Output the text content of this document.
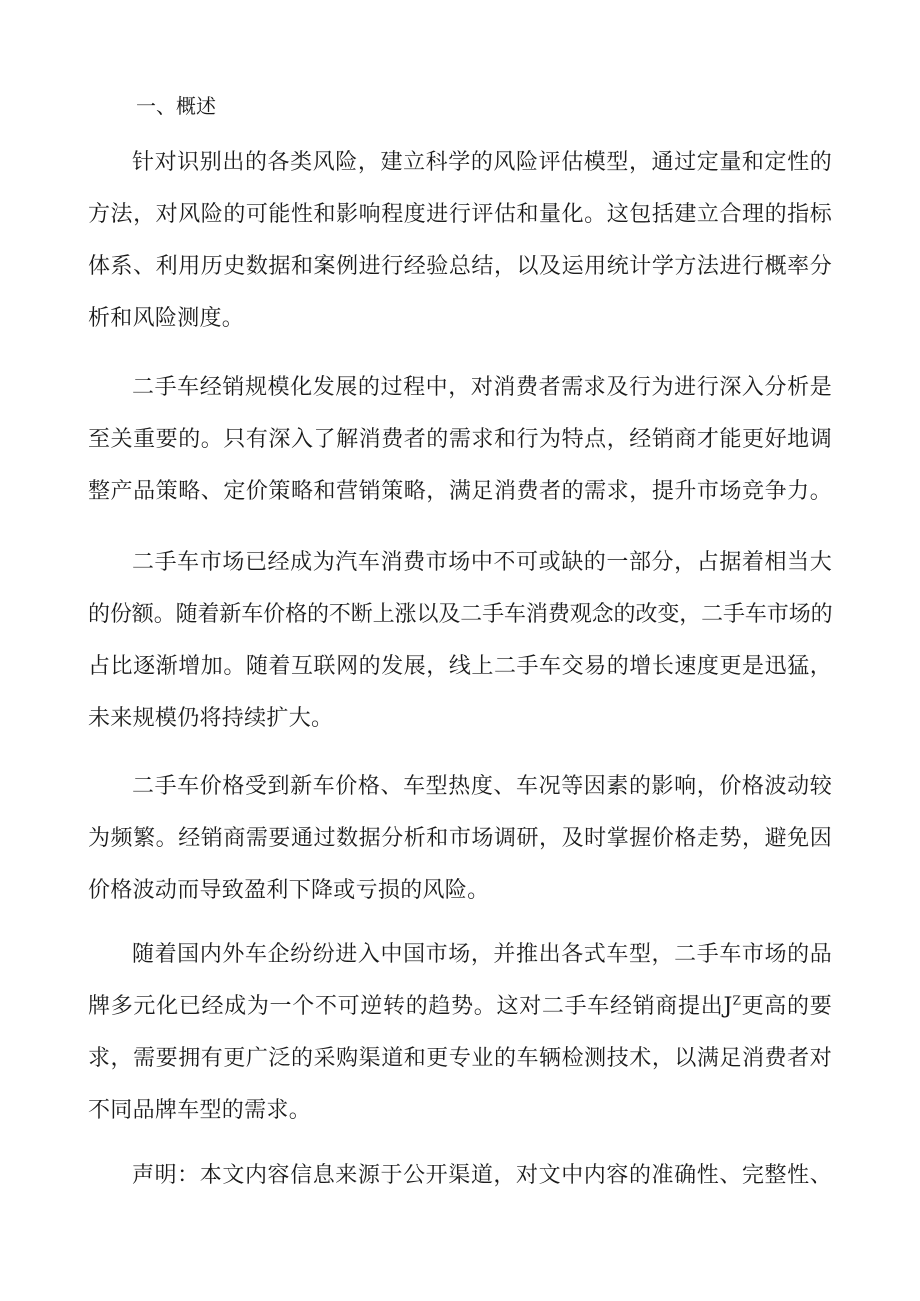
一、概述
针对识别出的各类风险，建立科学的风险评估模型，通过定量和定性的
方法，对风险的可能性和影响程度进行评估和量化。这包括建立合理的指标
体系、利用历史数据和案例进行经验总结，以及运用统计学方法进行概率分
析和风险测度。
二手车经销规模化发展的过程中，对消费者需求及行为进行深入分析是
至关重要的。只有深入了解消费者的需求和行为特点，经销商才能更好地调
整产品策略、定价策略和营销策略，满足消费者的需求，提升市场竞争力。
二手车市场已经成为汽车消费市场中不可或缺的一部分，占据着相当大
的份额。随着新车价格的不断上涨以及二手车消费观念的改变，二手车市场的
占比逐渐增加。随着互联网的发展，线上二手车交易的增长速度更是迅猛，
未来规模仍将持续扩大。
二手车价格受到新车价格、车型热度、车况等因素的影响，价格波动较
为频繁。经销商需要通过数据分析和市场调研，及时掌握价格走势，避免因
价格波动而导致盈利下降或亏损的风险。
随着国内外车企纷纷进入中国市场，并推出各式车型，二手车市场的品
牌多元化已经成为一个不可逆转的趋势。这对二手车经销商提出$J^Z$更高的要
求，需要拥有更广泛的采购渠道和更专业的车辆检测技术，以满足消费者对
不同品牌车型的需求。
声明：本文内容信息来源于公开渠道，对文中内容的准确性、完整性、
